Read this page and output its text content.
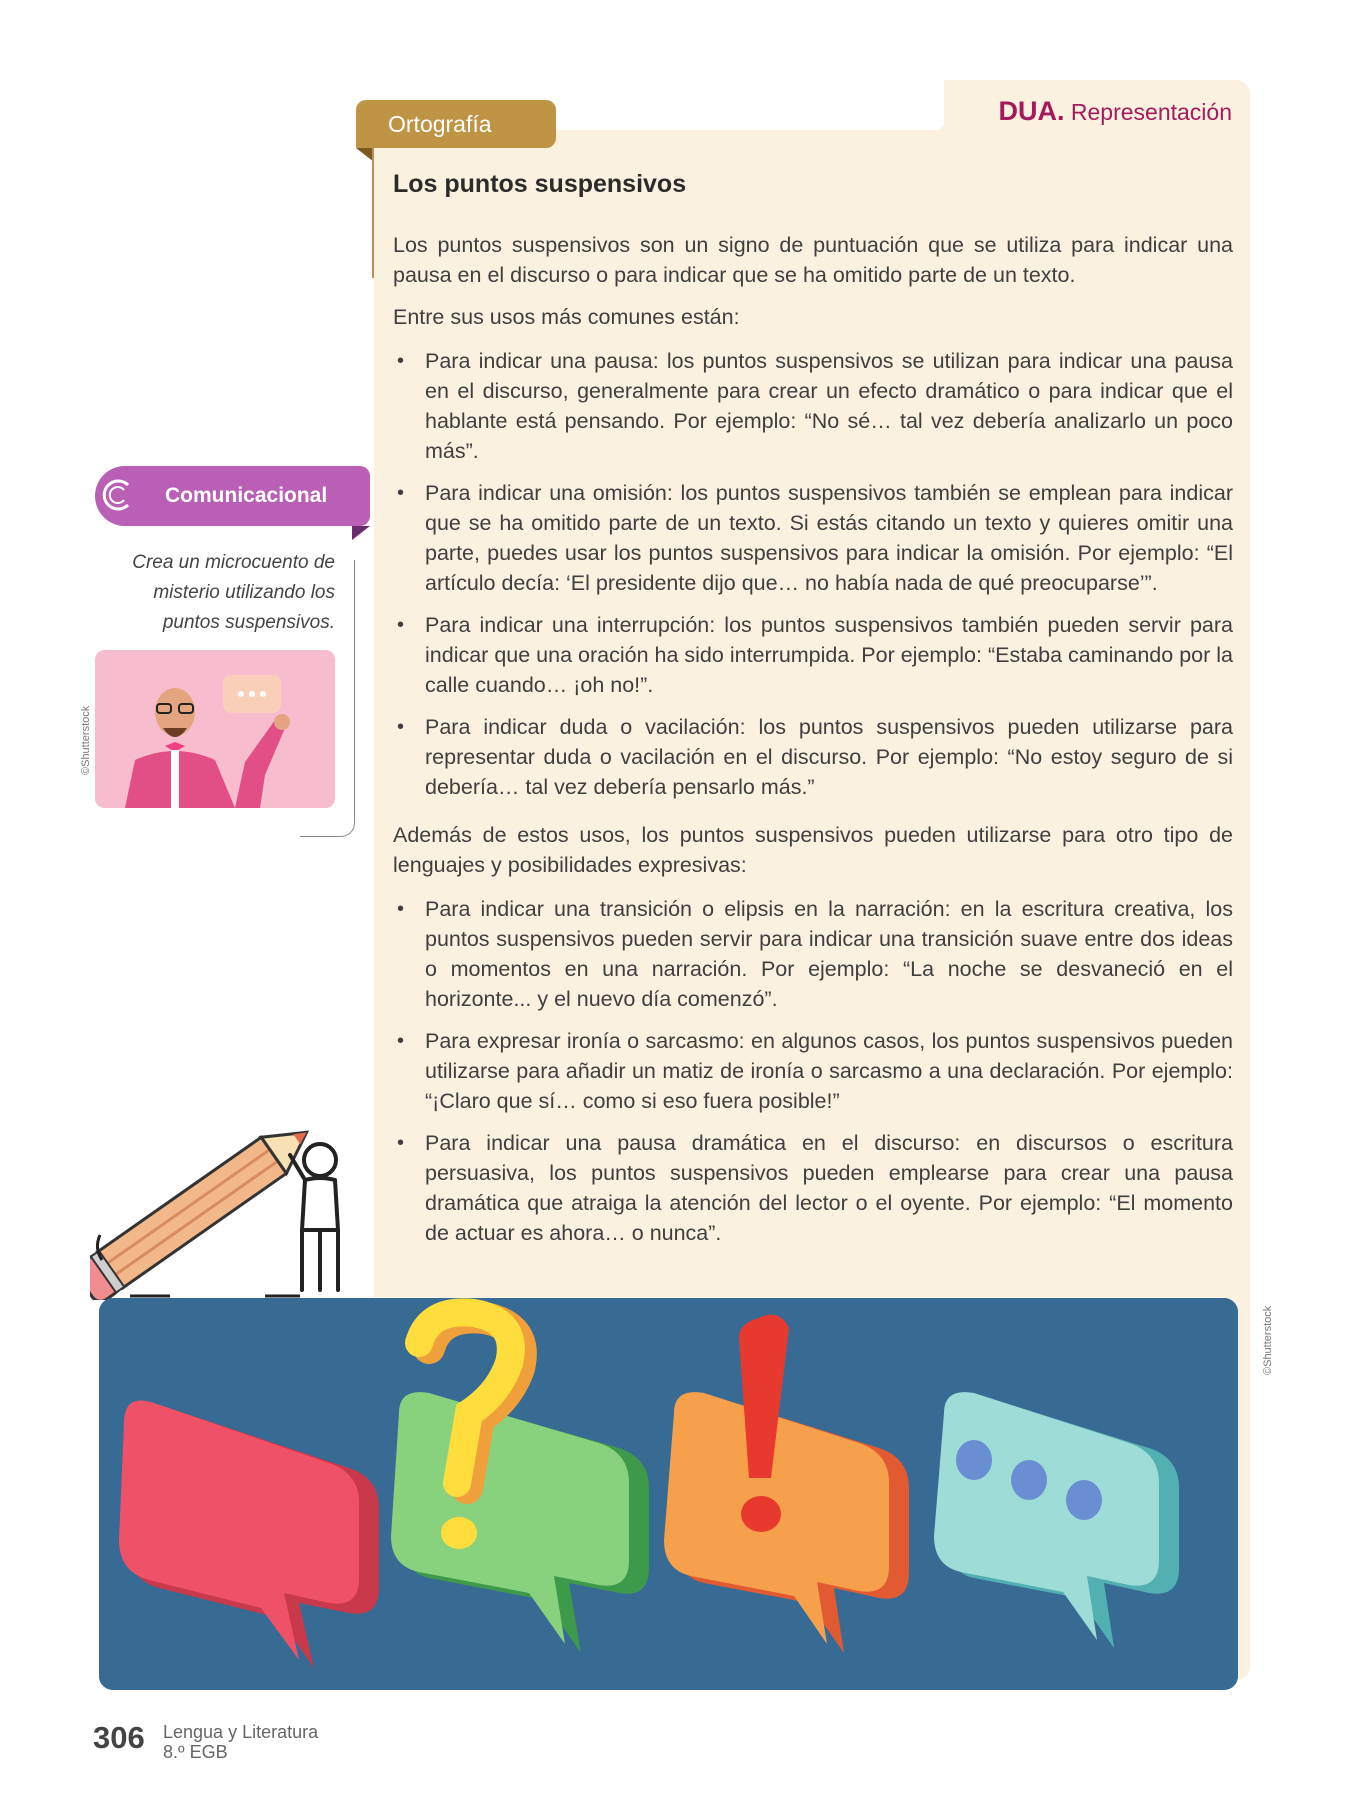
DUA. Representación
Ortografía
Los puntos suspensivos
Los puntos suspensivos son un signo de puntuación que se utiliza para indicar una pausa en el discurso o para indicar que se ha omitido parte de un texto.
Entre sus usos más comunes están:
• Para indicar una pausa: los puntos suspensivos se utilizan para indicar una pausa en el discurso, generalmente para crear un efecto dramático o para indicar que el hablante está pensando. Por ejemplo: “No sé… tal vez debería analizarlo un poco más”.
• Para indicar una omisión: los puntos suspensivos también se emplean para indicar que se ha omitido parte de un texto. Si estás citando un texto y quieres omitir una parte, puedes usar los puntos suspensivos para indicar la omisión. Por ejemplo: “El artículo decía: ‘El presidente dijo que… no había nada de qué preocuparse’”.
• Para indicar una interrupción: los puntos suspensivos también pueden servir para indicar que una oración ha sido interrumpida. Por ejemplo: “Estaba caminando por la calle cuando… ¡oh no!”.
• Para indicar duda o vacilación: los puntos suspensivos pueden utilizarse para representar duda o vacilación en el discurso. Por ejemplo: “No estoy seguro de si debería… tal vez debería pensarlo más.”
Además de estos usos, los puntos suspensivos pueden utilizarse para otro tipo de lenguajes y posibilidades expresivas:
• Para indicar una transición o elipsis en la narración: en la escritura creativa, los puntos suspensivos pueden servir para indicar una transición suave entre dos ideas o momentos en una narración. Por ejemplo: “La noche se desvaneció en el horizonte... y el nuevo día comenzó”.
• Para expresar ironía o sarcasmo: en algunos casos, los puntos suspensivos pueden utilizarse para añadir un matiz de ironía o sarcasmo a una declaración. Por ejemplo: “¡Claro que sí… como si eso fuera posible!”
• Para indicar una pausa dramática en el discurso: en discursos o escritura persuasiva, los puntos suspensivos pueden emplearse para crear una pausa dramática que atraiga la atención del lector o el oyente. Por ejemplo: “El momento de actuar es ahora… o nunca”.
Comunicacional
Crea un microcuento de misterio utilizando los puntos suspensivos.
©Shutterstock
©Shutterstock
306 Lengua y Literatura
8.º EGB
